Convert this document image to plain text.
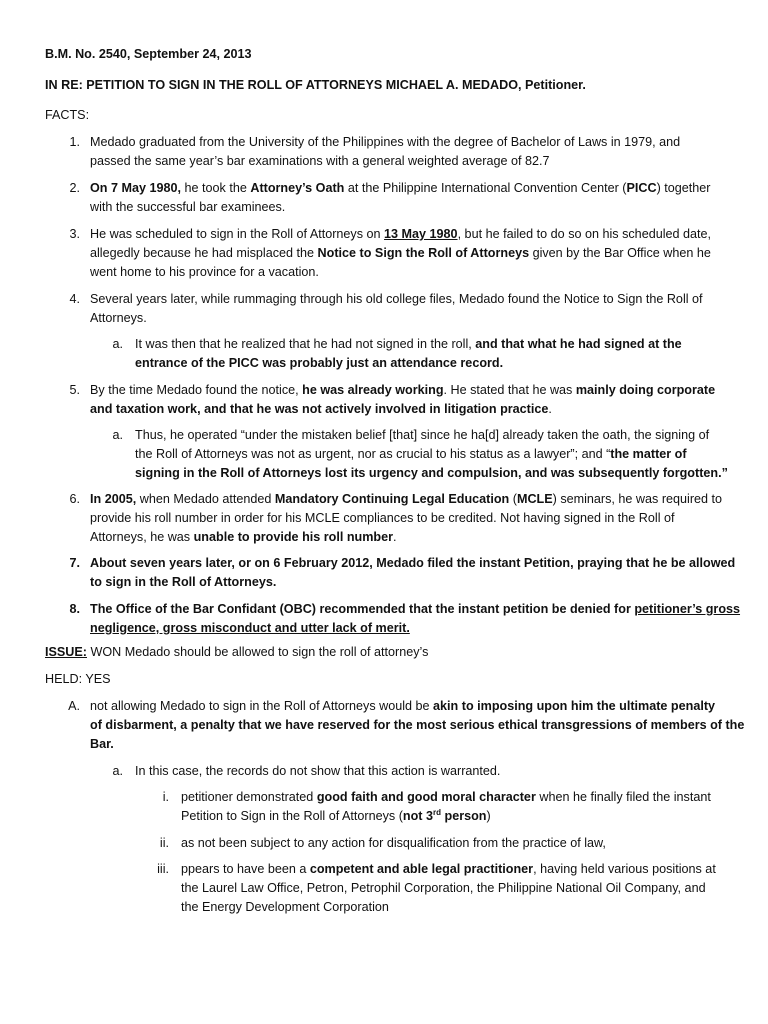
B.M. No. 2540, September 24, 2013
IN RE: PETITION TO SIGN IN THE ROLL OF ATTORNEYS MICHAEL A. MEDADO, Petitioner.
FACTS:
1. Medado graduated from the University of the Philippines with the degree of Bachelor of Laws in 1979, and
passed the same year’s bar examinations with a general weighted average of 82.7
2. On 7 May 1980, he took the Attorney’s Oath at the Philippine International Convention Center (PICC) together
with the successful bar examinees.
3. He was scheduled to sign in the Roll of Attorneys on 13 May 1980, but he failed to do so on his scheduled date,
allegedly because he had misplaced the Notice to Sign the Roll of Attorneys given by the Bar Office when he
went home to his province for a vacation.
4. Several years later, while rummaging through his old college files, Medado found the Notice to Sign the Roll of
Attorneys.
a. It was then that he realized that he had not signed in the roll, and that what he had signed at the
entrance of the PICC was probably just an attendance record.
5. By the time Medado found the notice, he was already working. He stated that he was mainly doing corporate
and taxation work, and that he was not actively involved in litigation practice.
a. Thus, he operated “under the mistaken belief [that] since he ha[d] already taken the oath, the signing of
the Roll of Attorneys was not as urgent, nor as crucial to his status as a lawyer”; and “the matter of
signing in the Roll of Attorneys lost its urgency and compulsion, and was subsequently forgotten.”
6. In 2005, when Medado attended Mandatory Continuing Legal Education (MCLE) seminars, he was required to
provide his roll number in order for his MCLE compliances to be credited. Not having signed in the Roll of
Attorneys, he was unable to provide his roll number.
7. About seven years later, or on 6 February 2012, Medado filed the instant Petition, praying that he be allowed
to sign in the Roll of Attorneys.
8. The Office of the Bar Confidant (OBC) recommended that the instant petition be denied for petitioner’s gross
negligence, gross misconduct and utter lack of merit.
ISSUE: WON Medado should be allowed to sign the roll of attorney’s
HELD: YES
A. not allowing Medado to sign in the Roll of Attorneys would be akin to imposing upon him the ultimate penalty
of disbarment, a penalty that we have reserved for the most serious ethical transgressions of members of the
Bar.
a. In this case, the records do not show that this action is warranted.
i. petitioner demonstrated good faith and good moral character when he finally filed the instant
Petition to Sign in the Roll of Attorneys (not 3rd person)
ii. as not been subject to any action for disqualification from the practice of law,
iii. ppears to have been a competent and able legal practitioner, having held various positions at
the Laurel Law Office, Petron, Petrophil Corporation, the Philippine National Oil Company, and
the Energy Development Corporation
